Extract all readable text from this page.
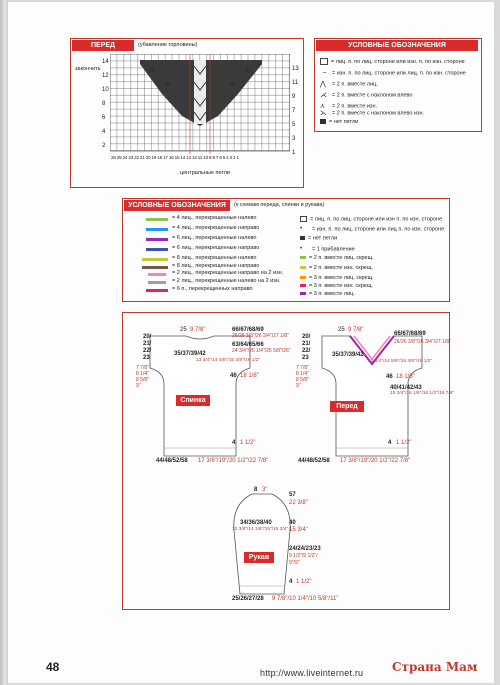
ПЕРЕД	(убавление горловины)
закончить
26 25 24 23 22 21 20 19 18 17 16 15 14 13 12 11 10 9 8 7 6 5 4 3 2 1
центральные петли
13
11
9
7
5
3
1
14
12
10
8
6
4
2
УСЛОВНЫЕ ОБОЗНАЧЕНИЯ
= лиц. п. по лиц. стороне или изн. п. по изн. стороне
− = изн. п. по лиц. стороне или лиц. п. по изн. стороне
⋀ = 2 п. вместе лиц.
⋌ = 2 п. вместе с наклоном влево
⋏ = 2 п. вместе изн.
⋋ = 2 п. вместе с наклоном влево изн.
= нет петли
УСЛОВНЫЕ ОБОЗНАЧЕНИЯ	(к схемам переда, спинки и рукава)
= 4 лиц., перекрещенные налево
= 4 лиц., перекрещенные направо
= 6 лиц., перекрещенные налево
= 6 лиц., перекрещенные направо
= 8 лиц., перекрещенные налево
= 8 лиц., перекрещенные направо
= 2 лиц., перекрещенные направо на 2 изн.
= 2 лиц., перекрещенные налево на 2 изн.
= 6 п., перекрещенных направо
= лиц. п. по лиц. стороне или изн п. по изн. стороне
• = изн. п. по лиц. стороне или лиц п. по изн. стороне
= нет петли
• = 1 прибавление
= 2 п. вместе лиц. скрещ.
= 2 п. вместе изн. скрещ.
= 3 п. вместе лиц. скрещ.
= 3 п. вместе изн. скрещ.
= 3 п. вместе лиц.
25 9 7/8"	66/67/68/69
26/26 3/8"/26 3/4"/27 1/8"
63/64/65/66
24 3/4"/25 1/4"/25 5/8"/26"
35/37/39/42
13 3/4"/14 5/8"/15 3/8"/16 1/2"
20/
21/
22/
23
7 7/8"
8 1/4"
8 5/8"
9"
Спинка
46 18 1/8"
4 1 1/2"
44/48/52/58 17 3/8"/19"/20 1/2"/22 7/8"
25 9 7/8"
66/67/68/69
26/26 3/8"/26 3/4"/27 1/8"
35/37/39/42
13 3/4"/14 5/8"/15 3/8"/16 1/2"
20/
21/
22/
23
7 7/8"
8 1/4"
8 5/8"
9"
Перед
46 18 1/8"
40/41/42/43
15 3/4"/16 1/8"/16 1/2"/16 7/8"
4 1 1/2"
44/48/52/58 17 3/8"/19"/20 1/2"/22 7/8"
8 3"
57
22 3/8"
34/36/38/40
13 3/8"/14 1/8"/15"/15 3/4"
40
15 3/4"
Рукав
24/24/23/23
9 1/2"/9 1/2"/
9"/9"
4 1 1/2"
25/26/27/28 9 7/8"/10 1/4"/10 5/8"/11"
48	http://www.liveinternet.ru Страна Мам
